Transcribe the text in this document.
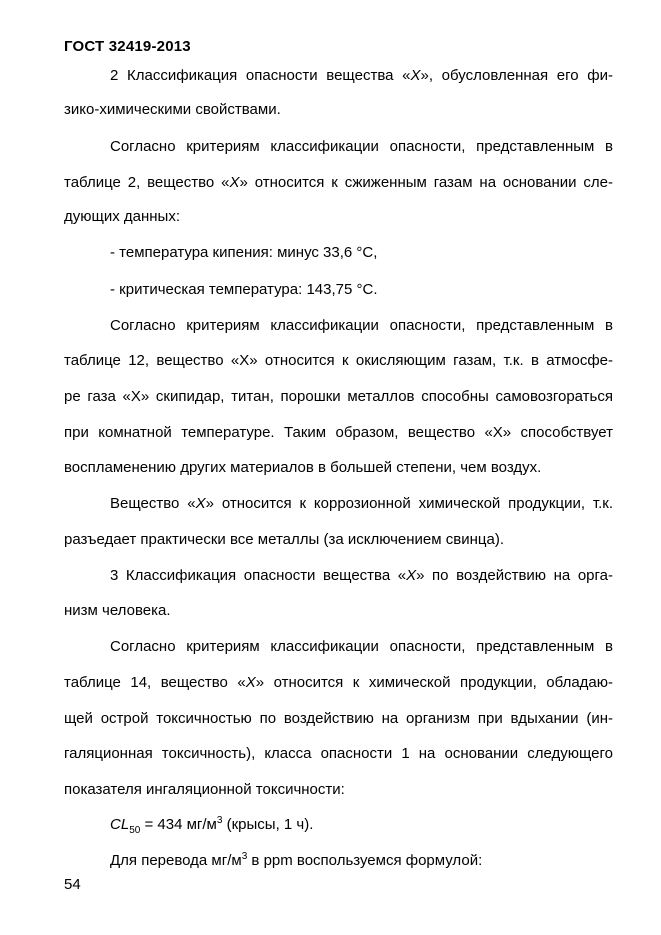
ГОСТ 32419-2013
2 Классификация опасности вещества «X», обусловленная его фи-
зико-химическими свойствами.
Согласно критериям классификации опасности, представленным в
таблице 2, вещество «X» относится к сжиженным газам на основании сле-
дующих данных:
- температура кипения: минус 33,6 °С,
- критическая температура: 143,75 °С.
Согласно критериям классификации опасности, представленным в
таблице 12, вещество «X» относится к окисляющим газам, т.к. в атмосфе-
ре газа «X» скипидар, титан, порошки металлов способны самовозгораться
при комнатной температуре. Таким образом, вещество «X» способствует
воспламенению других материалов в большей степени, чем воздух.
Вещество «X» относится к коррозионной химической продукции, т.к.
разъедает практически все металлы (за исключением свинца).
3 Классификация опасности вещества «X» по воздействию на орга-
низм человека.
Согласно критериям классификации опасности, представленным в
таблице 14, вещество «X» относится к химической продукции, обладаю-
щей острой токсичностью по воздействию на организм при вдыхании (ин-
галяционная токсичность), класса опасности 1 на основании следующего
показателя ингаляционной токсичности:
$CL_{50} = 434$ $мг/м^3$ (крысы, 1 ч).
Для перевода $мг/м^3$ в ppm воспользуемся формулой:
54
